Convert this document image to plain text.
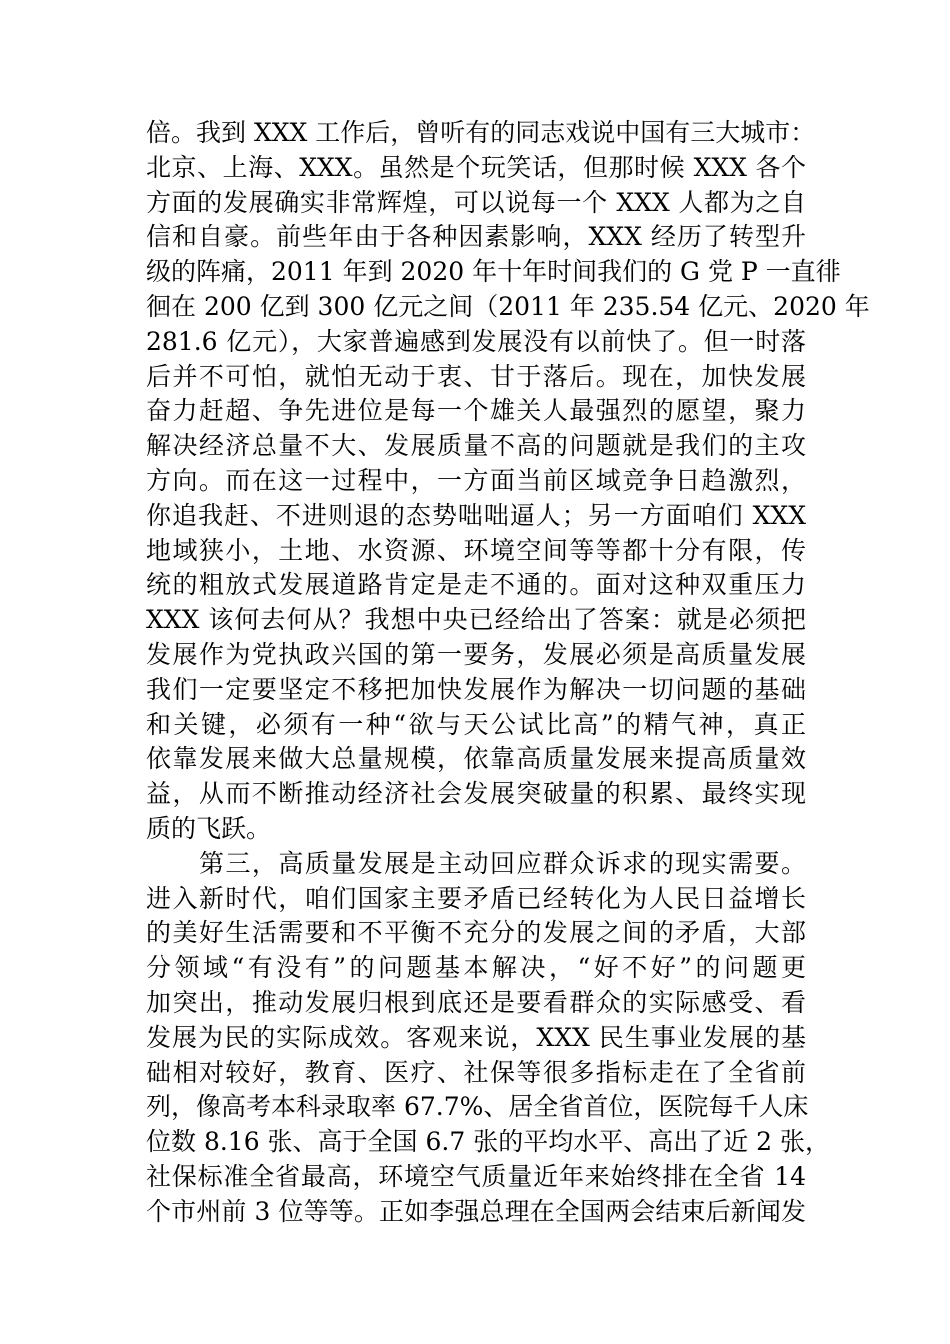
倍。我到 XXX 工作后，曾听有的同志戏说中国有三大城市：
北京、上海、XXX。虽然是个玩笑话，但那时候 XXX 各个
方面的发展确实非常辉煌，可以说每一个 XXX 人都为之自
信和自豪。前些年由于各种因素影响，XXX 经历了转型升
级的阵痛，2011 年到 2020 年十年时间我们的 G 党 P 一直徘
徊在 200 亿到 300 亿元之间（2011 年 235.54 亿元、2020 年
281.6 亿元），大家普遍感到发展没有以前快了。但一时落
后并不可怕，就怕无动于衷、甘于落后。现在，加快发展
奋力赶超、争先进位是每一个雄关人最强烈的愿望，聚力
解决经济总量不大、发展质量不高的问题就是我们的主攻
方向。而在这一过程中，一方面当前区域竞争日趋激烈，
你追我赶、不进则退的态势咄咄逼人；另一方面咱们 XXX
地域狭小，土地、水资源、环境空间等等都十分有限，传
统的粗放式发展道路肯定是走不通的。面对这种双重压力
XXX 该何去何从？我想中央已经给出了答案：就是必须把
发展作为党执政兴国的第一要务，发展必须是高质量发展
我们一定要坚定不移把加快发展作为解决一切问题的基础
和关键，必须有一种“欲与天公试比高”的精气神，真正
依靠发展来做大总量规模，依靠高质量发展来提高质量效
益，从而不断推动经济社会发展突破量的积累、最终实现
质的飞跃。
第三，高质量发展是主动回应群众诉求的现实需要。
进入新时代，咱们国家主要矛盾已经转化为人民日益增长
的美好生活需要和不平衡不充分的发展之间的矛盾，大部
分领域“有没有”的问题基本解决，“好不好”的问题更
加突出，推动发展归根到底还是要看群众的实际感受、看
发展为民的实际成效。客观来说，XXX 民生事业发展的基
础相对较好，教育、医疗、社保等很多指标走在了全省前
列，像高考本科录取率 67.7%、居全省首位，医院每千人床
位数 8.16 张、高于全国 6.7 张的平均水平、高出了近 2 张，
社保标准全省最高，环境空气质量近年来始终排在全省 14
个市州前 3 位等等。正如李强总理在全国两会结束后新闻发
